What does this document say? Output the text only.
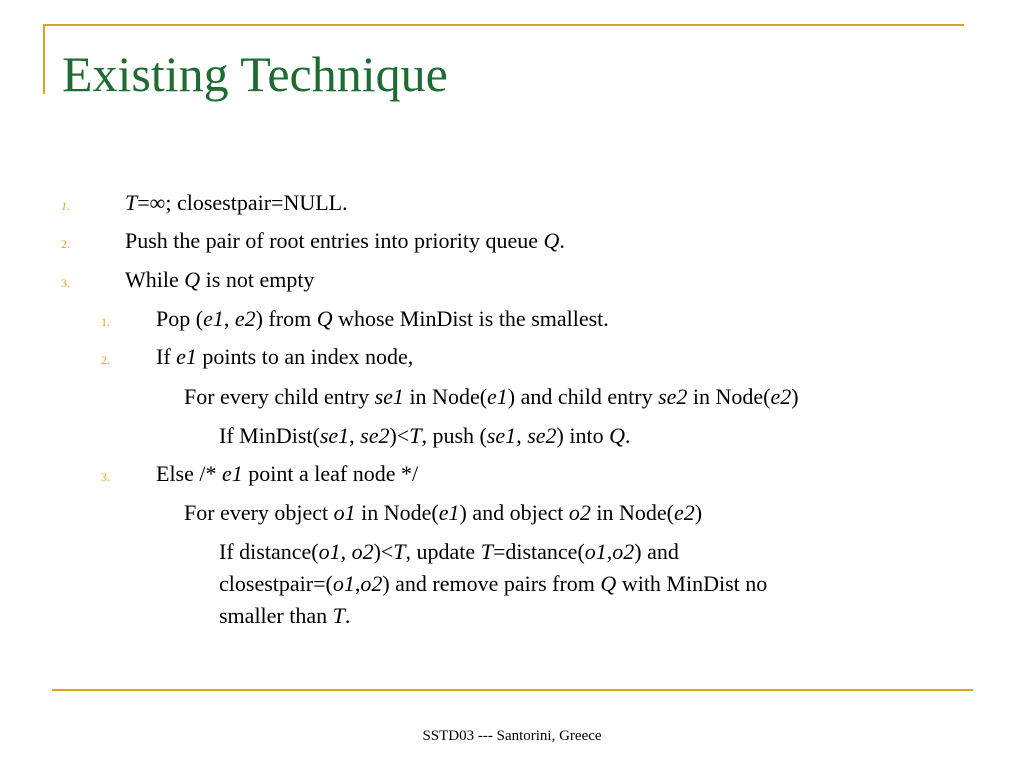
Existing Technique
1.	T=∞; closestpair=NULL.
2.	Push the pair of root entries into priority queue Q.
3.	While Q is not empty
1. Pop (e1, e2) from Q whose MinDist is the smallest.
2. If e1 points to an index node,
For every child entry se1 in Node(e1) and child entry se2 in Node(e2)
If MinDist(se1, se2)<T, push (se1, se2) into Q.
3. Else /* e1 point a leaf node */
For every object o1 in Node(e1) and object o2 in Node(e2)
If distance(o1, o2)<T, update T=distance(o1,o2) and
closestpair=(o1,o2) and remove pairs from Q with MinDist no
smaller than T.
SSTD03 --- Santorini, Greece
